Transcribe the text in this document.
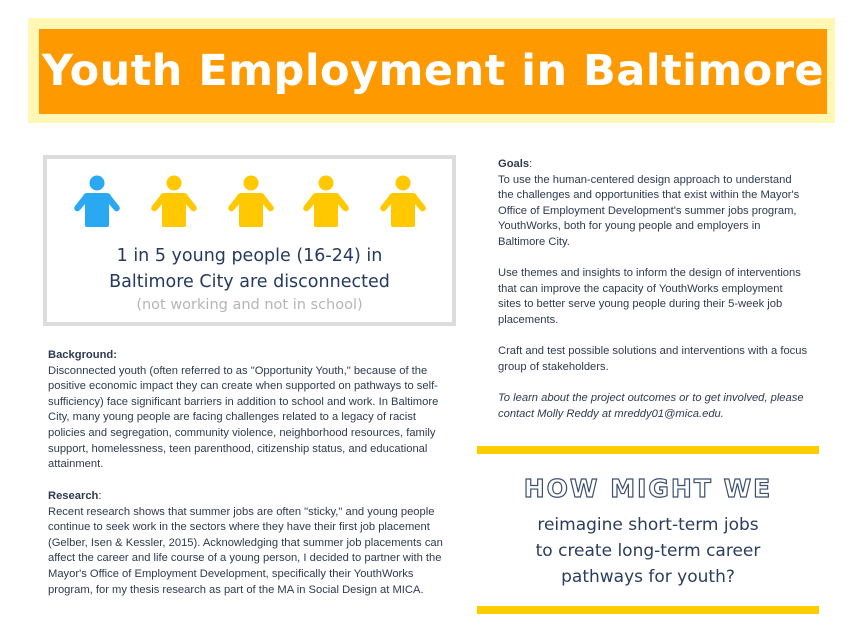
Youth Employment in Baltimore
1 in 5 young people (16-24) in
Baltimore City are disconnected
(not working and not in school)

Background:

Disconnected youth (often referred to as "Opportunity Youth," because of the positive economic impact they can create when supported on pathways to self-sufficiency) face significant barriers in addition to school and work. In Baltimore City, many young people are facing challenges related to a legacy of racist policies and segregation, community violence, neighborhood resources, family support, homelessness, teen parenthood, citizenship status, and educational attainment.

Research:

Recent research shows that summer jobs are often "sticky," and young people continue to seek work in the sectors where they have their first job placement (Gelber, Isen & Kessler, 2015). Acknowledging that summer job placements can affect the career and life course of a young person, I decided to partner with the Mayor's Office of Employment Development, specifically their YouthWorks program, for my thesis research as part of the MA in Social Design at MICA.

Goals:

To use the human-centered design approach to understand the challenges and opportunities that exist within the Mayor's Office of Employment Development's summer jobs program, YouthWorks, both for young people and employers in Baltimore City.

Use themes and insights to inform the design of interventions that can improve the capacity of YouthWorks employment sites to better serve young people during their 5-week job placements.

Craft and test possible solutions and interventions with a focus group of stakeholders.

To learn about the project outcomes or to get involved, please contact Molly Reddy at mreddy01@mica.edu.

HOW MIGHT WE
reimagine short-term jobs
to create long-term career
pathways for youth?
